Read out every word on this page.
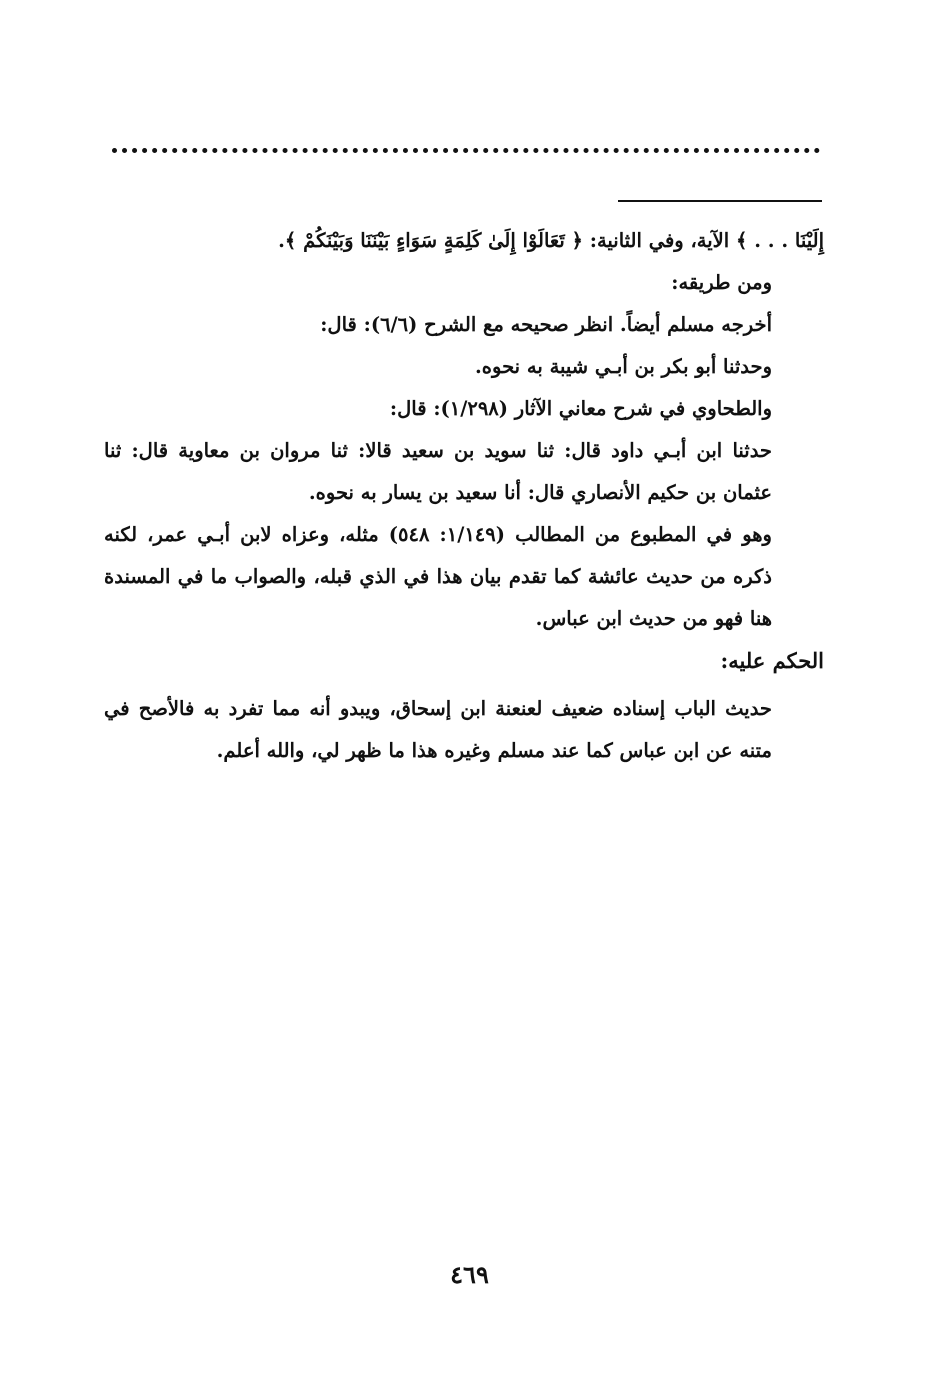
إِلَيْنَا . . . ﴾ الآية، وفي الثانية: ﴿ تَعَالَوْا إِلَىٰ كَلِمَةٍ سَوَاءٍ بَيْنَنَا وَبَيْنَكُمْ ﴾.

ومن طريقه:

أخرجه مسلم أيضاً. انظر صحيحه مع الشرح (٦/٦): قال:

وحدثنا أبو بكر بن أبـي شيبة به نحوه.

والطحاوي في شرح معاني الآثار (١/٢٩٨): قال:

حدثنا ابن أبـي داود قال: ثنا سويد بن سعيد قالا: ثنا مروان بن معاوية قال: ثنا عثمان بن حكيم الأنصاري قال: أنا سعيد بن يسار به نحوه.

وهو في المطبوع من المطالب (١/١٤٩: ٥٤٨) مثله، وعزاه لابن أبـي عمر، لكنه ذكره من حديث عائشة كما تقدم بيان هذا في الذي قبله، والصواب ما في المسندة هنا فهو من حديث ابن عباس.

الحكم عليه:

حديث الباب إسناده ضعيف لعنعنة ابن إسحاق، ويبدو أنه مما تفرد به فالأصح في متنه عن ابن عباس كما عند مسلم وغيره هذا ما ظهر لي، والله أعلم.

٤٦٩
